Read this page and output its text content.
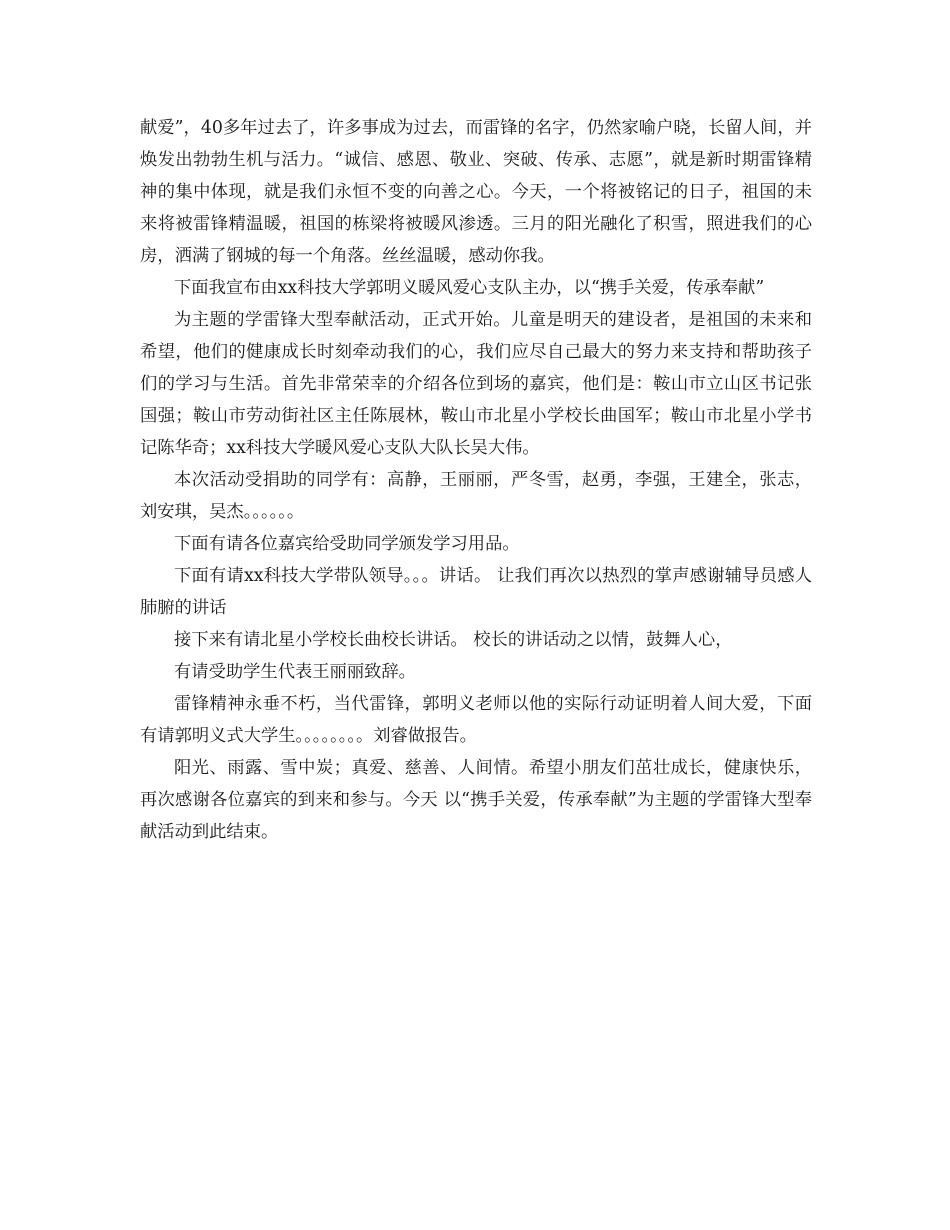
献爱”，40多年过去了，许多事成为过去，而雷锋的名字，仍然家喻户晓，长留人间，并焕发出勃勃生机与活力。“诚信、感恩、敬业、突破、传承、志愿”，就是新时期雷锋精神的集中体现，就是我们永恒不变的向善之心。今天，一个将被铭记的日子，祖国的未来将被雷锋精温暖，祖国的栋梁将被暖风渗透。三月的阳光融化了积雪，照进我们的心房，洒满了钢城的每一个角落。丝丝温暖，感动你我。

下面我宣布由xx科技大学郭明义暖风爱心支队主办，以“携手关爱，传承奉献”

为主题的学雷锋大型奉献活动，正式开始。儿童是明天的建设者，是祖国的未来和希望，他们的健康成长时刻牵动我们的心，我们应尽自己最大的努力来支持和帮助孩子们的学习与生活。首先非常荣幸的介绍各位到场的嘉宾，他们是：鞍山市立山区书记张国强；鞍山市劳动街社区主任陈展林，鞍山市北星小学校长曲国军；鞍山市北星小学书记陈华奇；xx科技大学暖风爱心支队大队长吴大伟。

本次活动受捐助的同学有：高静，王丽丽，严冬雪，赵勇，李强，王建全，张志，刘安琪，吴杰。。。。。。

下面有请各位嘉宾给受助同学颁发学习用品。

下面有请xx科技大学带队领导。。。讲话。 让我们再次以热烈的掌声感谢辅导员感人肺腑的讲话

接下来有请北星小学校长曲校长讲话。 校长的讲话动之以情，鼓舞人心，

有请受助学生代表王丽丽致辞。

雷锋精神永垂不朽，当代雷锋，郭明义老师以他的实际行动证明着人间大爱，下面有请郭明义式大学生。。。。。。。。刘睿做报告。

阳光、雨露、雪中炭；真爱、慈善、人间情。希望小朋友们茁壮成长，健康快乐，再次感谢各位嘉宾的到来和参与。今天 以“携手关爱，传承奉献”为主题的学雷锋大型奉献活动到此结束。
